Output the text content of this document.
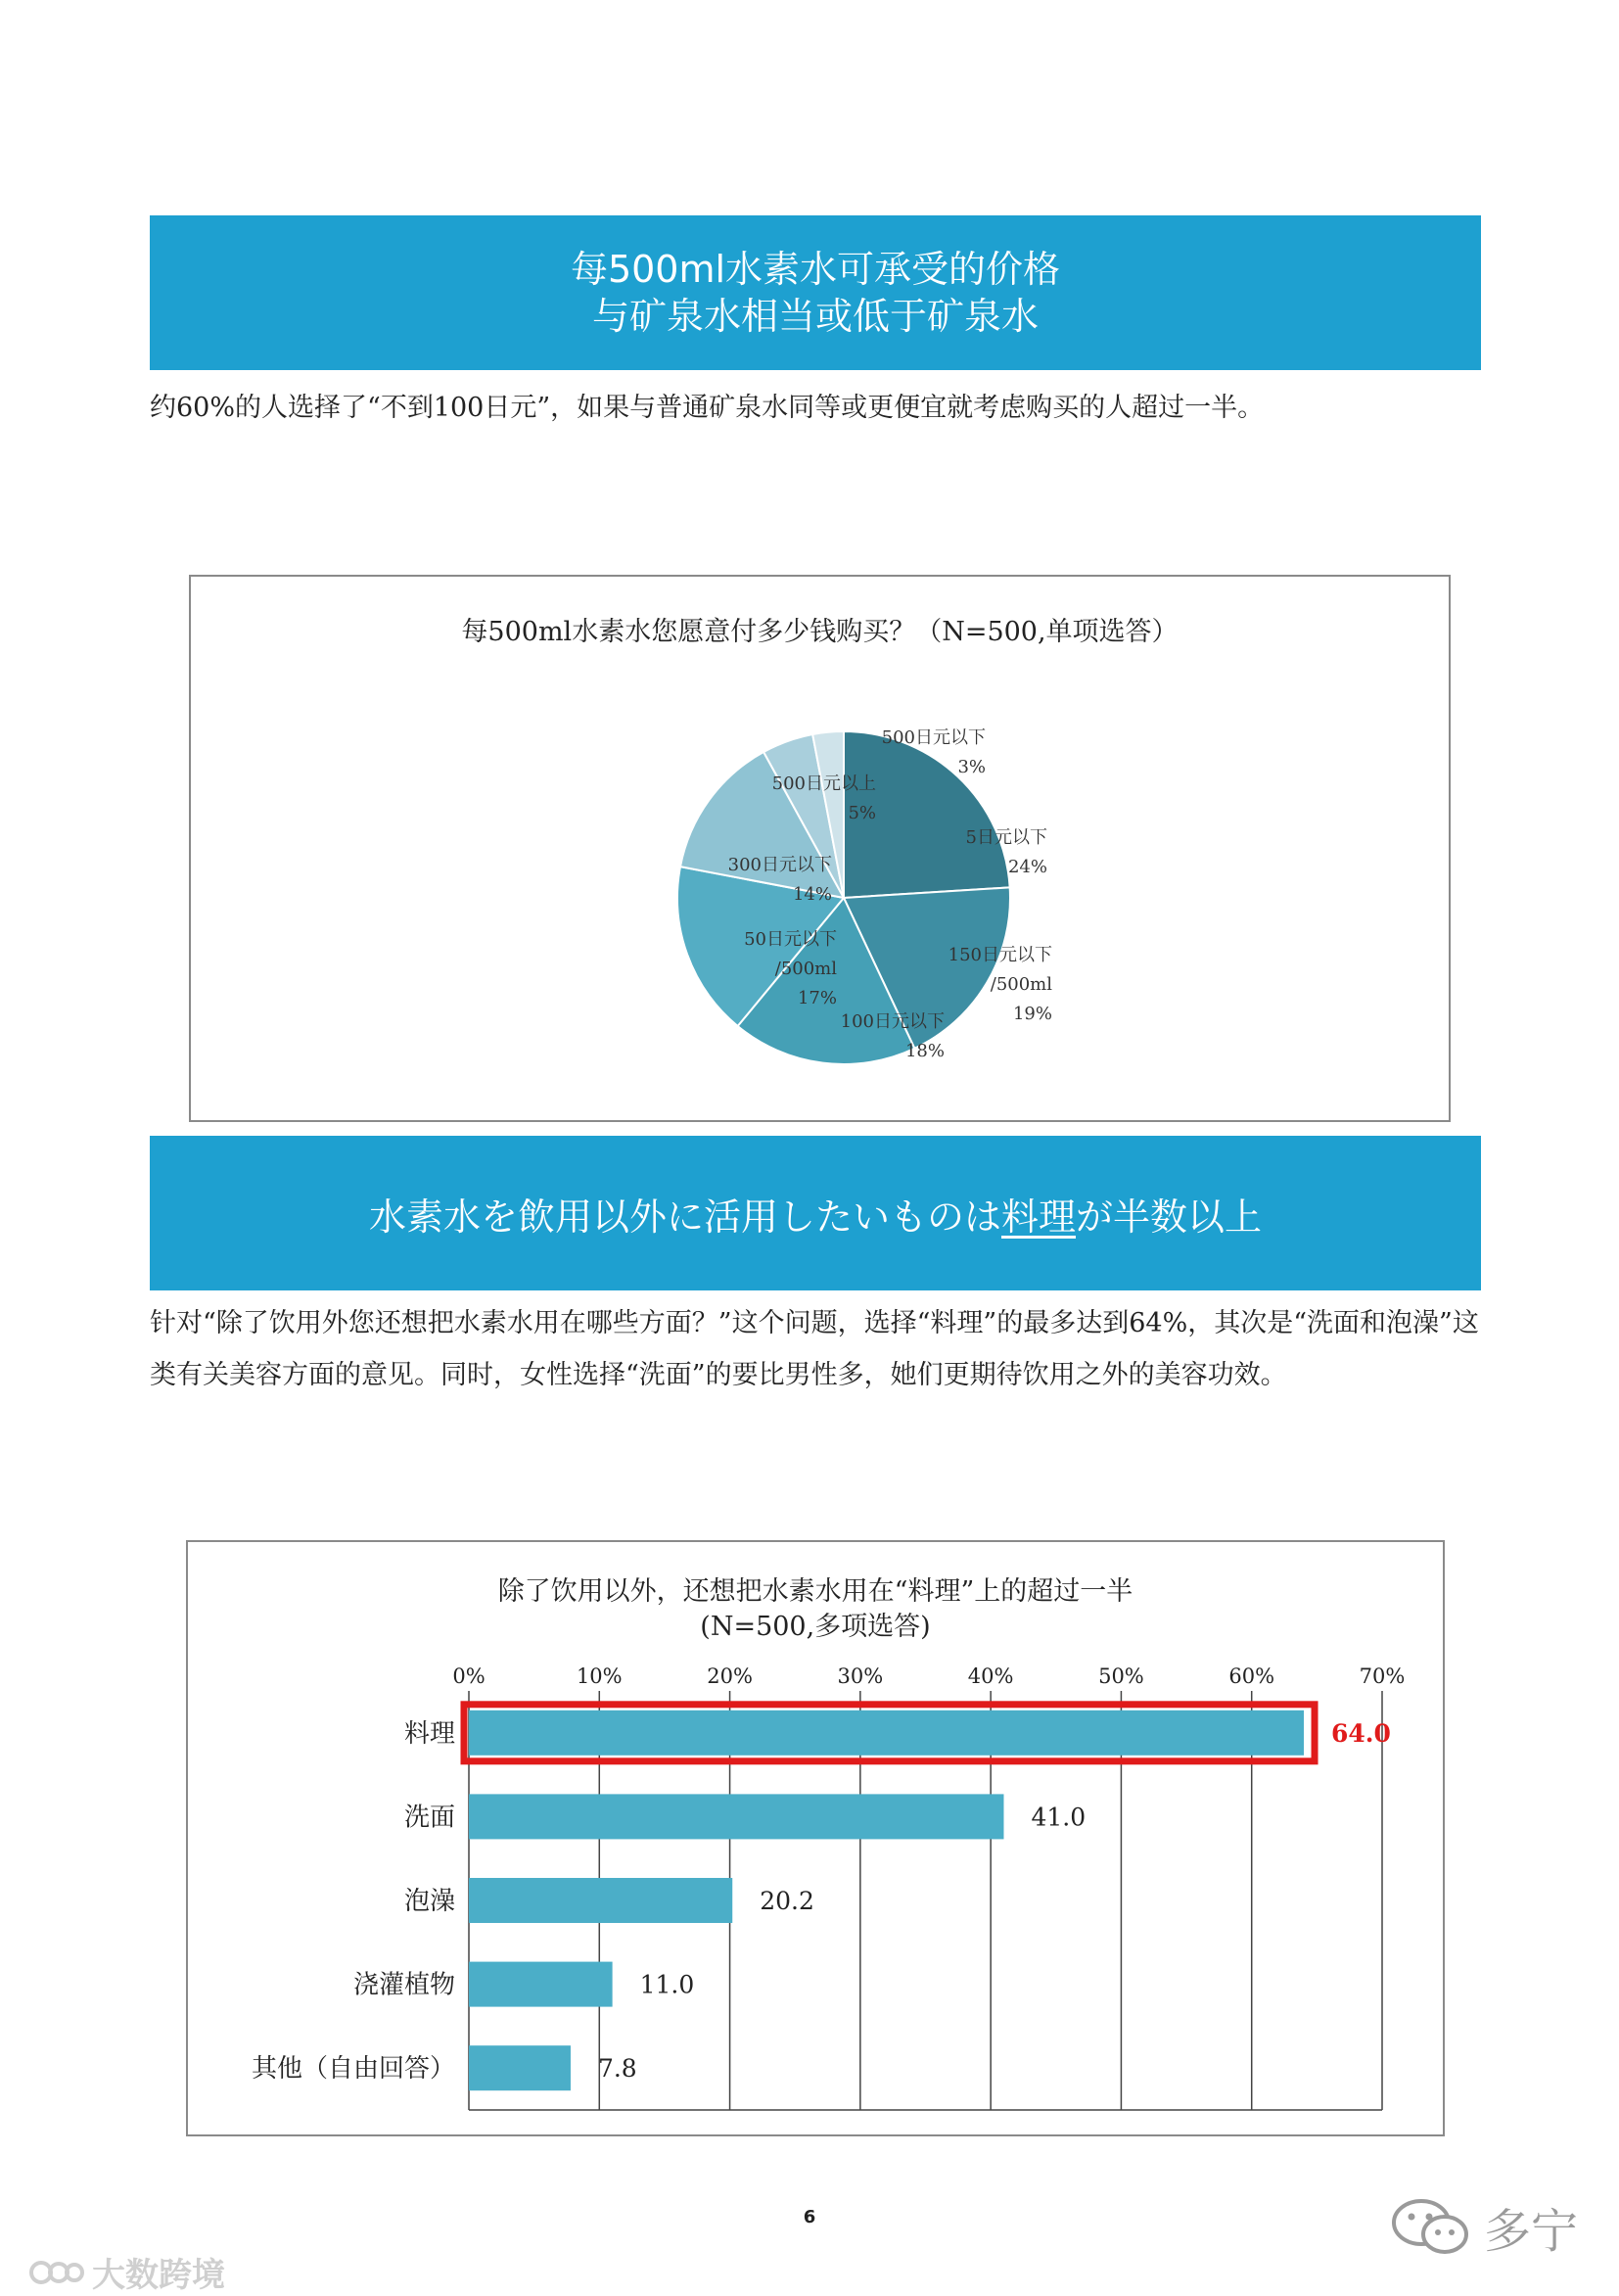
每500ml水素水可承受的价格
与矿泉水相当或低于矿泉水
约60%的人选择了“不到100日元”，如果与普通矿泉水同等或更便宜就考虑购买的人超过一半。
每500ml水素水您愿意付多少钱购买？（N=500,单项选答）
5日元以下
24%
150日元以下
/500ml
19%
100日元以下
18%
50日元以下
/500ml
17%
300日元以下
14%
500日元以上
5%
500日元以下
3%
水素水を飲用以外に活用したいものは料理が半数以上
针对“除了饮用外您还想把水素水用在哪些方面？”这个问题，选择“料理”的最多达到64%，其次是“洗面和泡澡”这类有关美容方面的意见。同时，女性选择“洗面”的要比男性多，她们更期待饮用之外的美容功效。
除了饮用以外，还想把水素水用在“料理”上的超过一半
(N=500,多项选答)
0%	10%	20%	30%	40%	50%	60%	70%
料理	64.0
洗面	41.0
泡澡	20.2
浇灌植物	11.0
其他（自由回答）	7.8
6
大数跨境
多宁
